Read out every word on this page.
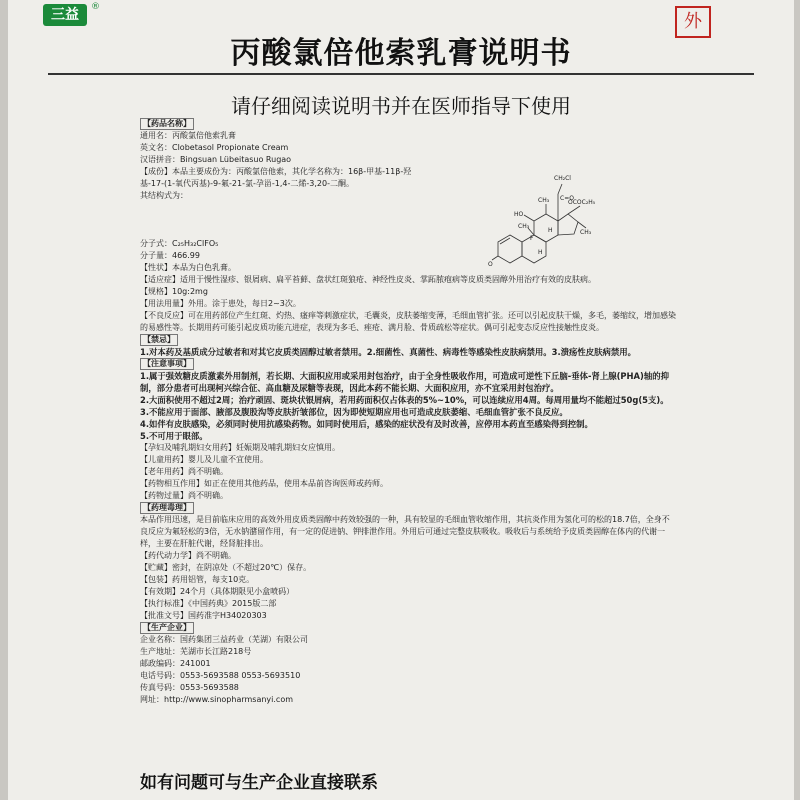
三益	®
外
丙酸氯倍他索乳膏说明书
请仔细阅读说明书并在医师指导下使用
【药品名称】
通用名：丙酸氯倍他索乳膏
英文名：Clobetasol Propionate Cream
汉语拼音：Bingsuan Lübeitasuo Rugao
【成份】本品主要成份为：丙酸氯倍他索，其化学名称为：16β-甲基-11β-羟
基-17-(1-氧代丙基)-9-氟-21-氯-孕甾-1,4-二烯-3,20-二酮。
其结构式为：
分子式：C₂₅H₃₂ClFO₅
分子量：466.99
【性状】本品为白色乳膏。
【适应症】适用于慢性湿疹、银屑病、扁平苔藓、盘状红斑狼疮、神经性皮炎、掌跖脓疱病等皮质类固醇外用治疗有效的皮肤病。
【规格】10g:2mg
【用法用量】外用。涂于患处，每日2~3次。
【不良反应】可在用药部位产生红斑、灼热、瘙痒等刺激症状，毛囊炎，皮肤萎缩变薄，毛细血管扩张。还可以引起皮肤干燥，多毛，萎缩纹，增加感染的易感性等。长期用药可能引起皮质功能亢进症，表现为多毛、痤疮、满月脸、骨质疏松等症状。偶可引起变态反应性接触性皮炎。
【禁忌】
1.对本药及基质成分过敏者和对其它皮质类固醇过敏者禁用。2.细菌性、真菌性、病毒性等感染性皮肤病禁用。3.溃疡性皮肤病禁用。
【注意事项】
1.属于强效糖皮质激素外用制剂，若长期、大面积应用或采用封包治疗，由于全身性吸收作用，可造成可逆性下丘脑-垂体-肾上腺(PHA)轴的抑制，部分患者可出现柯兴综合征、高血糖及尿糖等表现，因此本药不能长期、大面积应用，亦不宜采用封包治疗。
2.大面积使用不超过2周；治疗顽固、斑块状银屑病，若用药面积仅占体表的5%~10%，可以连续应用4周。每周用量均不能超过50g(5支)。
3.不能应用于面部、腋部及腹股沟等皮肤折皱部位，因为即使短期应用也可造成皮肤萎缩、毛细血管扩张不良反应。
4.如伴有皮肤感染，必须同时使用抗感染药物。如同时使用后，感染的症状没有及时改善，应停用本药直至感染得到控制。
5.不可用于眼部。
【孕妇及哺乳期妇女用药】妊娠期及哺乳期妇女应慎用。
【儿童用药】婴儿及儿童不宜使用。
【老年用药】尚不明确。
【药物相互作用】如正在使用其他药品，使用本品前咨询医师或药师。
【药物过量】尚不明确。
【药理毒理】
本品作用迅速，是目前临床应用的高效外用皮质类固醇中药效较强的一种，具有较显的毛细血管收缩作用，其抗炎作用为氢化可的松的18.7倍，全身不良反应为氟轻松的3倍，无水钠潴留作用，有一定的促进钠、钾排泄作用。外用后可通过完整皮肤吸收。吸收后与系统给予皮质类固醇在体内的代谢一样，主要在肝脏代谢，经肾脏排出。
【药代动力学】尚不明确。
【贮藏】密封，在阴凉处（不超过20℃）保存。
【包装】药用铝管，每支10克。
【有效期】24个月（具体期限见小盒喷码）
【执行标准】《中国药典》2015版二部
【批准文号】国药准字H34020303
【生产企业】
企业名称：国药集团三益药业（芜湖）有限公司
生产地址：芜湖市长江路218号
邮政编码：241001
电话号码：0553-5693588 0553-5693510
传真号码：0553-5693588
网址：http://www.sinopharmsanyi.com
CH₂Cl
C=O
OCOC₂H₅
CH₃
CH₃
HO
CH₃
F
O
H
H
如有问题可与生产企业直接联系
